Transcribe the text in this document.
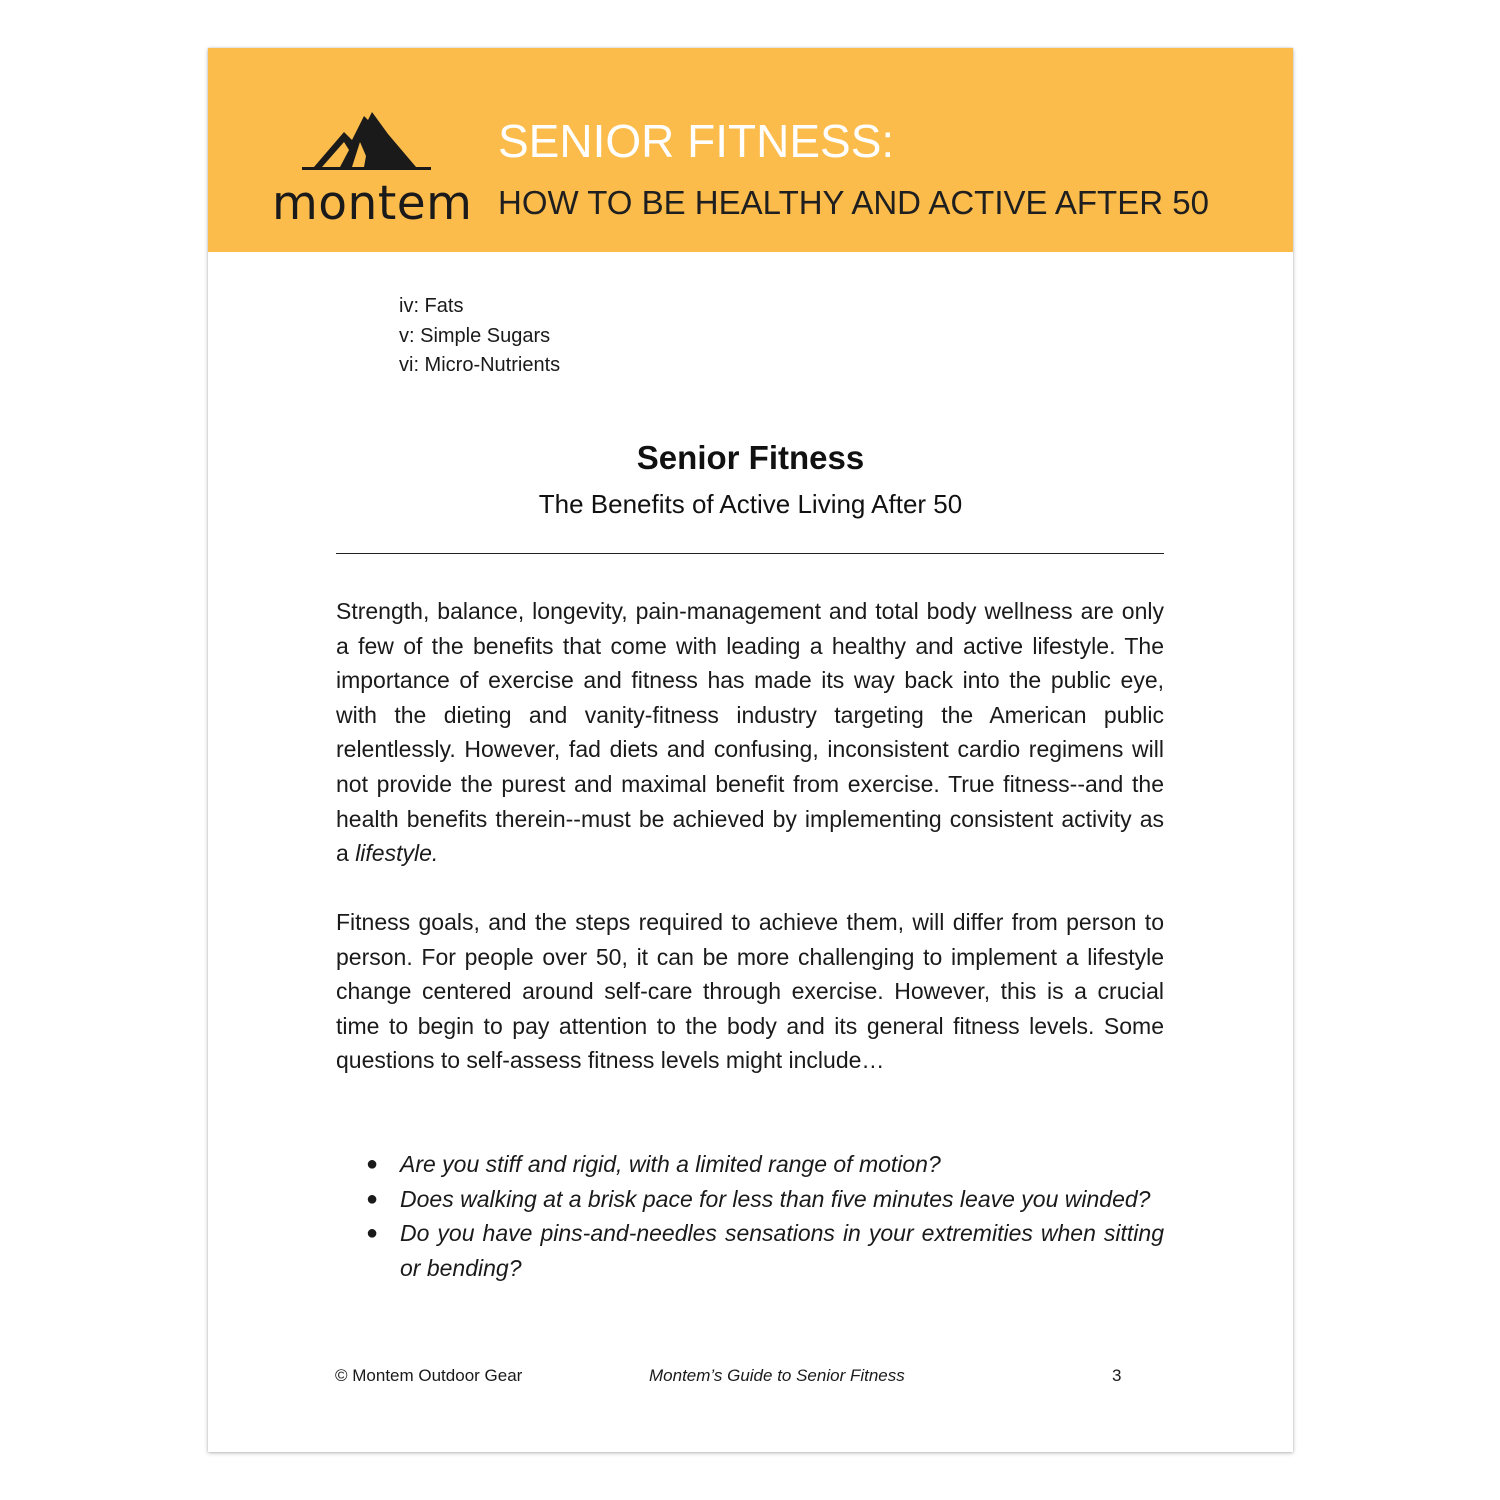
montem
SENIOR FITNESS:
HOW TO BE HEALTHY AND ACTIVE AFTER 50
iv: Fats
v: Simple Sugars
vi: Micro-Nutrients
Senior Fitness
The Benefits of Active Living After 50

Strength, balance, longevity, pain-management and total body wellness are only a few of the benefits that come with leading a healthy and active lifestyle. The importance of exercise and fitness has made its way back into the public eye, with the dieting and vanity-fitness industry targeting the American public relentlessly. However, fad diets and confusing, inconsistent cardio regimens will not provide the purest and maximal benefit from exercise. True fitness--and the health benefits therein--must be achieved by implementing consistent activity as a lifestyle.

Fitness goals, and the steps required to achieve them, will differ from person to person. For people over 50, it can be more challenging to implement a lifestyle change centered around self-care through exercise. However, this is a crucial time to begin to pay attention to the body and its general fitness levels. Some questions to self-assess fitness levels might include…

● Are you stiff and rigid, with a limited range of motion?
● Does walking at a brisk pace for less than five minutes leave you winded?
● Do you have pins-and-needles sensations in your extremities when sitting or bending?
© Montem Outdoor Gear	Montem’s Guide to Senior Fitness	3
